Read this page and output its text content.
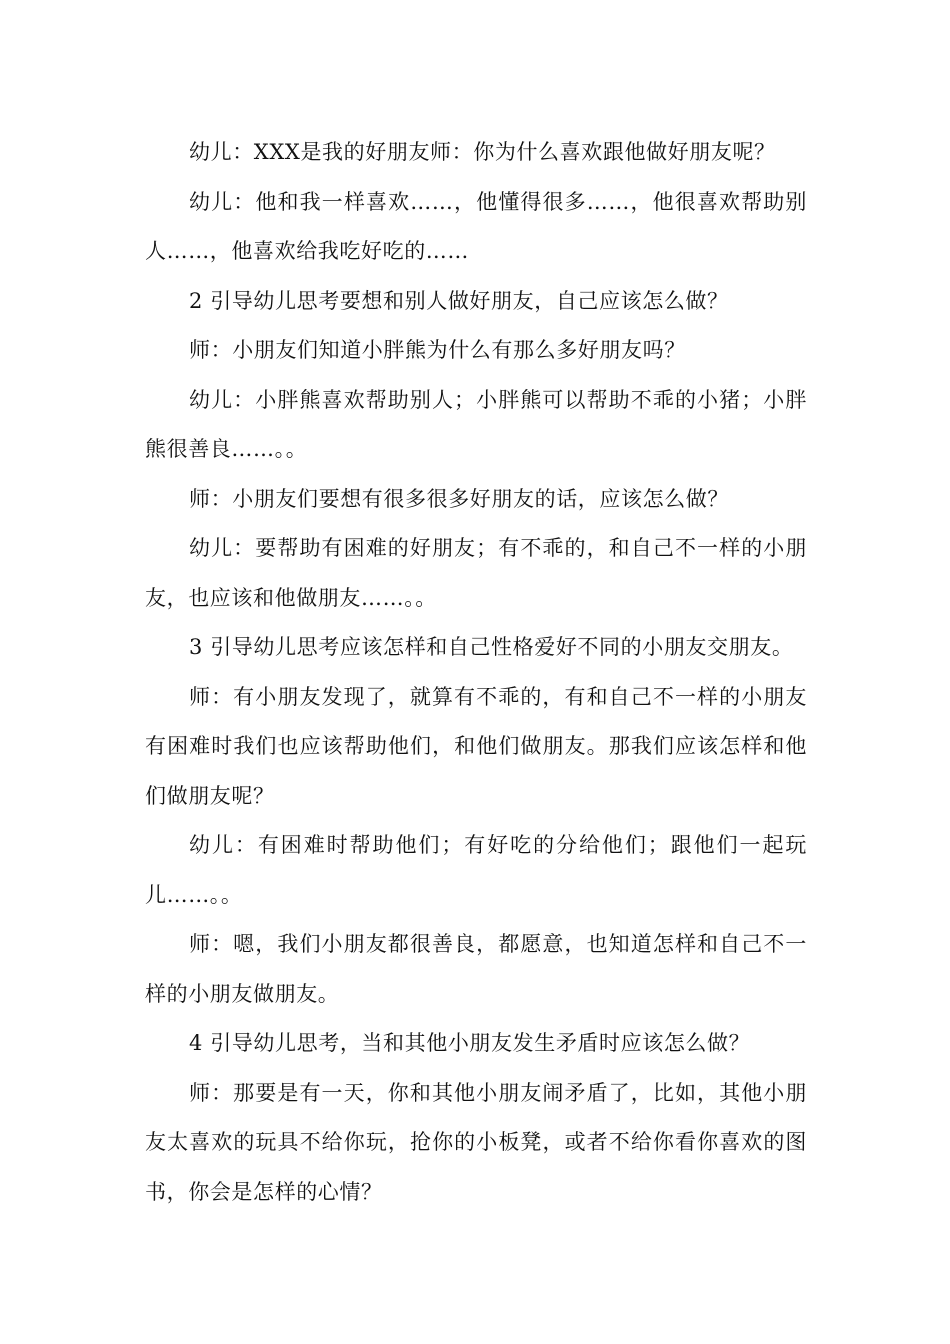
幼儿：XXX是我的好朋友师：你为什么喜欢跟他做好朋友呢？

幼儿：他和我一样喜欢……，他懂得很多……，他很喜欢帮助别人……，他喜欢给我吃好吃的……

2 引导幼儿思考要想和别人做好朋友，自己应该怎么做？

师：小朋友们知道小胖熊为什么有那么多好朋友吗？

幼儿：小胖熊喜欢帮助别人；小胖熊可以帮助不乖的小猪；小胖熊很善良……。。

师：小朋友们要想有很多很多好朋友的话，应该怎么做？

幼儿：要帮助有困难的好朋友；有不乖的，和自己不一样的小朋友，也应该和他做朋友……。。

3 引导幼儿思考应该怎样和自己性格爱好不同的小朋友交朋友。

师：有小朋友发现了，就算有不乖的，有和自己不一样的小朋友有困难时我们也应该帮助他们，和他们做朋友。那我们应该怎样和他们做朋友呢？

幼儿：有困难时帮助他们；有好吃的分给他们；跟他们一起玩儿……。。

师：嗯，我们小朋友都很善良，都愿意，也知道怎样和自己不一样的小朋友做朋友。

4 引导幼儿思考，当和其他小朋友发生矛盾时应该怎么做？

师：那要是有一天，你和其他小朋友闹矛盾了，比如，其他小朋友太喜欢的玩具不给你玩，抢你的小板凳，或者不给你看你喜欢的图书，你会是怎样的心情？
